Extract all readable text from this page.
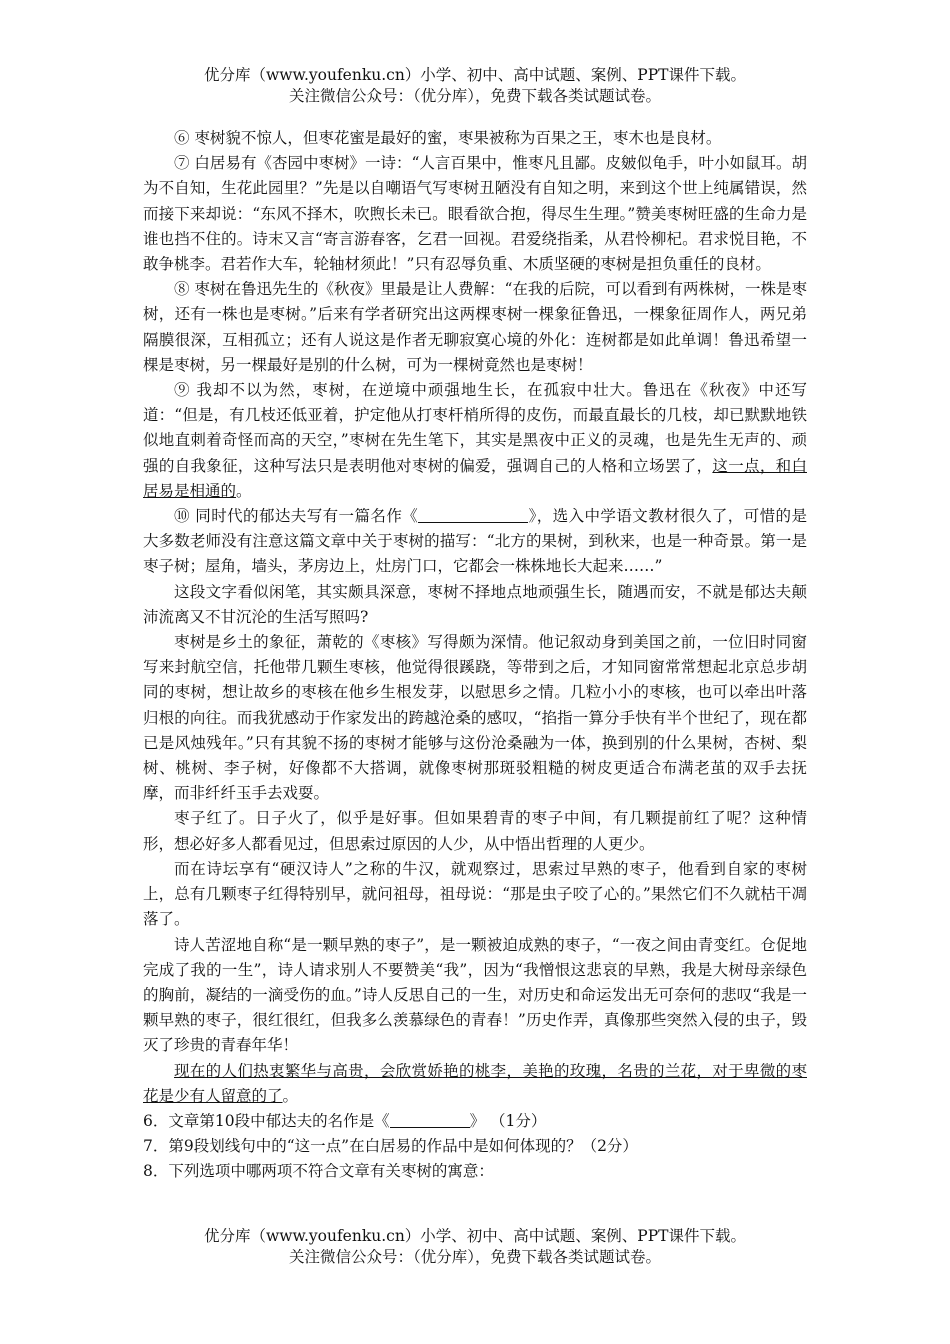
优分库（www.youfenku.cn）小学、初中、高中试题、案例、PPT课件下载。
关注微信公众号：（优分库），免费下载各类试题试卷。

⑥ 枣树貌不惊人，但枣花蜜是最好的蜜，枣果被称为百果之王，枣木也是良材。

⑦ 白居易有《杏园中枣树》一诗：“人言百果中，惟枣凡且鄙。皮皴似龟手，叶小如鼠耳。胡为不自知，生花此园里？”先是以自嘲语气写枣树丑陋没有自知之明，来到这个世上纯属错误，然而接下来却说：“东风不择木，吹煦长未已。眼看欲合抱，得尽生生理。”赞美枣树旺盛的生命力是谁也挡不住的。诗末又言“寄言游春客，乞君一回视。君爱绕指柔，从君怜柳杞。君求悦目艳，不敢争桃李。君若作大车，轮轴材须此！”只有忍辱负重、木质坚硬的枣树是担负重任的良材。

⑧ 枣树在鲁迅先生的《秋夜》里最是让人费解：“在我的后院，可以看到有两株树，一株是枣树，还有一株也是枣树。”后来有学者研究出这两棵枣树一棵象征鲁迅，一棵象征周作人，两兄弟隔膜很深，互相孤立；还有人说这是作者无聊寂寞心境的外化：连树都是如此单调！鲁迅希望一棵是枣树，另一棵最好是别的什么树，可为一棵树竟然也是枣树！

⑨ 我却不以为然，枣树，在逆境中顽强地生长，在孤寂中壮大。鲁迅在《秋夜》中还写道：“但是，有几枝还低亚着，护定他从打枣杆梢所得的皮伤，而最直最长的几枝，却已默默地铁似地直刺着奇怪而高的天空，”枣树在先生笔下，其实是黑夜中正义的灵魂，也是先生无声的、顽强的自我象征，这种写法只是表明他对枣树的偏爱，强调自己的人格和立场罢了，这一点，和白居易是相通的。

⑩ 同时代的郁达夫写有一篇名作《	》，选入中学语文教材很久了，可惜的是大多数老师没有注意这篇文章中关于枣树的描写：“北方的果树，到秋来，也是一种奇景。第一是枣子树；屋角，墙头，茅房边上，灶房门口，它都会一株株地长大起来……”

这段文字看似闲笔，其实颇具深意，枣树不择地点地顽强生长，随遇而安，不就是郁达夫颠沛流离又不甘沉沦的生活写照吗?

枣树是乡土的象征，萧乾的《枣核》写得颇为深情。他记叙动身到美国之前，一位旧时同窗写来封航空信，托他带几颗生枣核，他觉得很蹊跷，等带到之后，才知同窗常常想起北京总步胡同的枣树，想让故乡的枣核在他乡生根发芽，以慰思乡之情。几粒小小的枣核，也可以牵出叶落归根的向往。而我犹感动于作家发出的跨越沧桑的感叹，“掐指一算分手快有半个世纪了，现在都已是风烛残年。”只有其貌不扬的枣树才能够与这份沧桑融为一体，换到别的什么果树，杏树、梨树、桃树、李子树，好像都不大搭调，就像枣树那斑驳粗糙的树皮更适合布满老茧的双手去抚摩，而非纤纤玉手去戏耍。

枣子红了。日子火了，似乎是好事。但如果碧青的枣子中间，有几颗提前红了呢？这种情形，想必好多人都看见过，但思索过原因的人少，从中悟出哲理的人更少。

而在诗坛享有“硬汉诗人”之称的牛汉，就观察过，思索过早熟的枣子，他看到自家的枣树上，总有几颗枣子红得特别早，就问祖母，祖母说：“那是虫子咬了心的。”果然它们不久就枯干凋落了。

诗人苦涩地自称“是一颗早熟的枣子”，是一颗被迫成熟的枣子，“一夜之间由青变红。仓促地完成了我的一生”，诗人请求别人不要赞美“我”，因为“我憎恨这悲哀的早熟，我是大树母亲绿色的胸前，凝结的一滴受伤的血。”诗人反思自己的一生，对历史和命运发出无可奈何的悲叹“我是一颗早熟的枣子，很红很红，但我多么羡慕绿色的青春！”历史作弄，真像那些突然入侵的虫子，毁灭了珍贵的青春年华！

现在的人们热衷繁华与高贵，会欣赏娇艳的桃李，美艳的玫瑰，名贵的兰花，对于卑微的枣花是少有人留意的了。

6．文章第10段中郁达夫的名作是《	》 （1分）

7．第9段划线句中的“这一点”在白居易的作品中是如何体现的？（2分）

8．下列选项中哪两项不符合文章有关枣树的寓意：

优分库（www.youfenku.cn）小学、初中、高中试题、案例、PPT课件下载。
关注微信公众号：（优分库），免费下载各类试题试卷。
